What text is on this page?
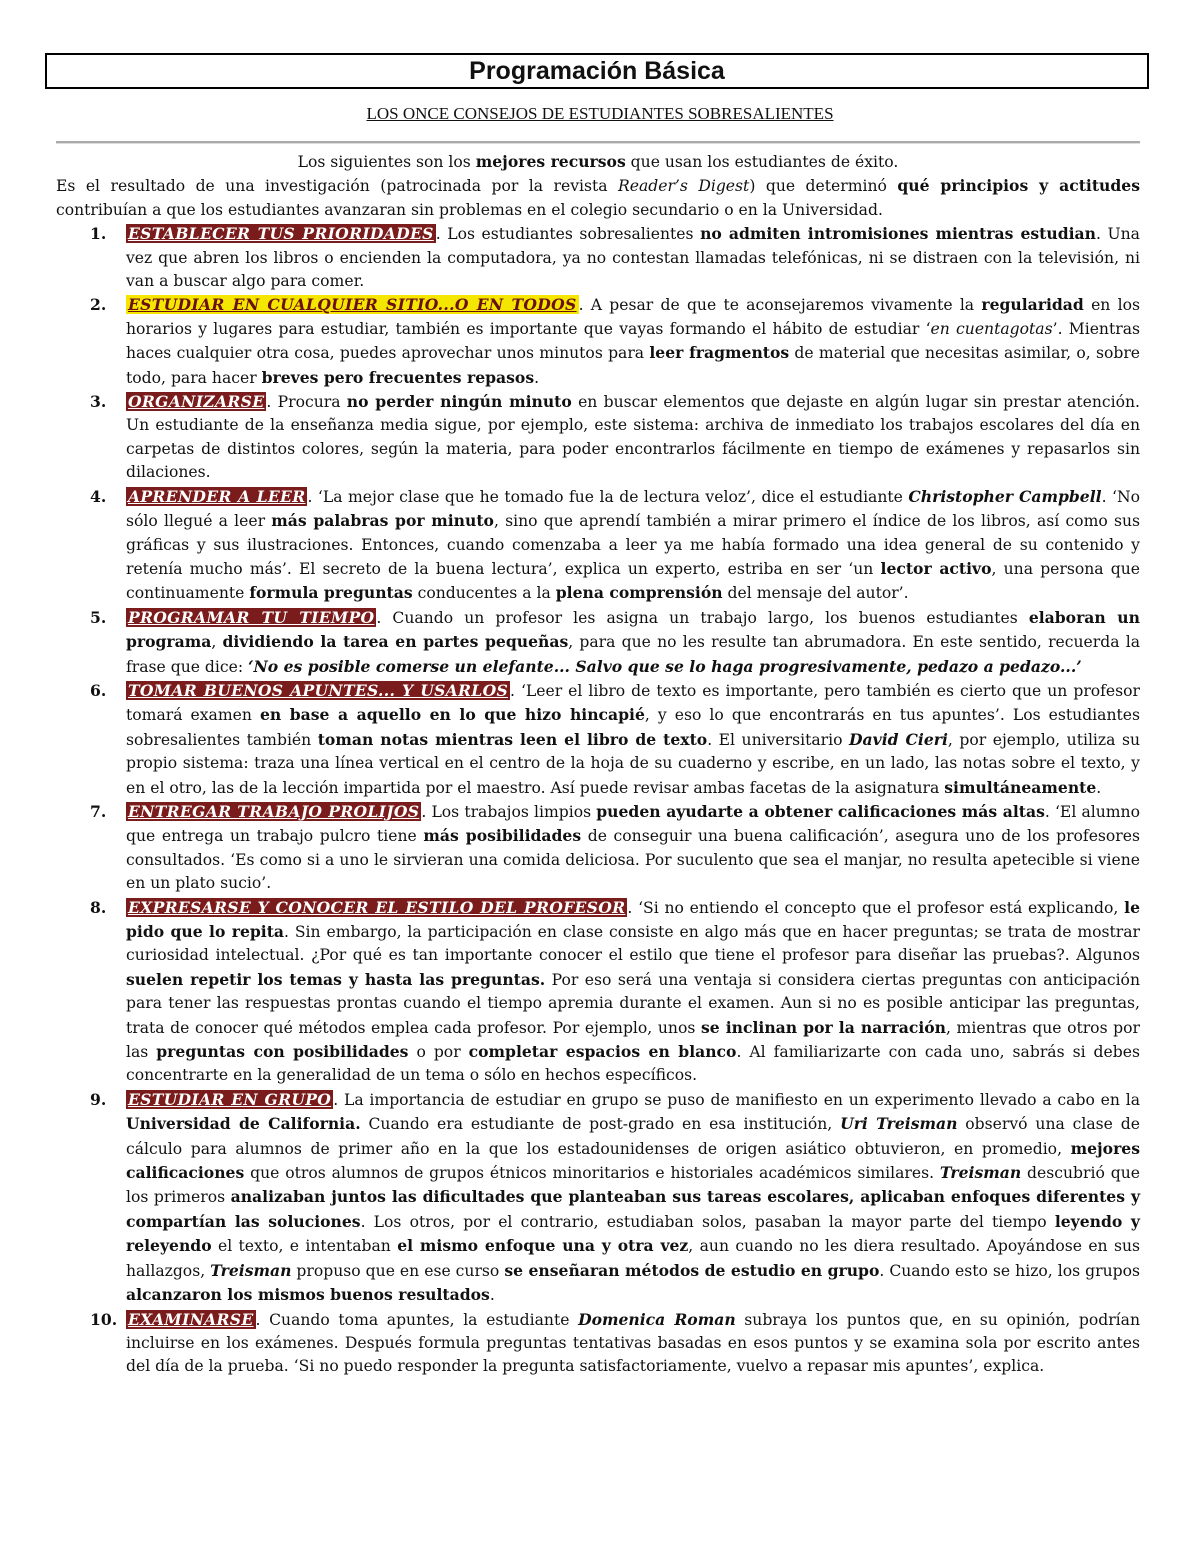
Programación Básica
LOS ONCE CONSEJOS DE ESTUDIANTES SOBRESALIENTES

Los siguientes son los mejores recursos que usan los estudiantes de éxito.

Es el resultado de una investigación (patrocinada por la revista Reader’s Digest) que determinó qué principios y actitudes contribuían a que los estudiantes avanzaran sin problemas en el colegio secundario o en la Universidad.

1. ESTABLECER TUS PRIORIDADES . Los estudiantes sobresalientes no admiten intromisiones mientras estudian. Una vez que abren los libros o encienden la computadora, ya no contestan llamadas telefónicas, ni se distraen con la televisión, ni van a buscar algo para comer.
2. ESTUDIAR EN CUALQUIER SITIO...O EN TODOS . A pesar de que te aconsejaremos vivamente la regularidad en los horarios y lugares para estudiar, también es importante que vayas formando el hábito de estudiar ‘en cuentagotas’. Mientras haces cualquier otra cosa, puedes aprovechar unos minutos para leer fragmentos de material que necesitas asimilar, o, sobre todo, para hacer breves pero frecuentes repasos.
3. ORGANIZARSE . Procura no perder ningún minuto en buscar elementos que dejaste en algún lugar sin prestar atención. Un estudiante de la enseñanza media sigue, por ejemplo, este sistema: archiva de inmediato los trabajos escolares del día en carpetas de distintos colores, según la materia, para poder encontrarlos fácilmente en tiempo de exámenes y repasarlos sin dilaciones.
4. APRENDER A LEER . ‘La mejor clase que he tomado fue la de lectura veloz’, dice el estudiante Christopher Campbell. ‘No sólo llegué a leer más palabras por minuto, sino que aprendí también a mirar primero el índice de los libros, así como sus gráficas y sus ilustraciones. Entonces, cuando comenzaba a leer ya me había formado una idea general de su contenido y retenía mucho más’. El secreto de la buena lectura’, explica un experto, estriba en ser ‘un lector activo, una persona que continuamente formula preguntas conducentes a la plena comprensión del mensaje del autor’.
5. PROGRAMAR TU TIEMPO . Cuando un profesor les asigna un trabajo largo, los buenos estudiantes elaboran un programa, dividiendo la tarea en partes pequeñas, para que no les resulte tan abrumadora. En este sentido, recuerda la frase que dice: ‘No es posible comerse un elefante... Salvo que se lo haga progresivamente, pedazo a pedazo...’
6. TOMAR BUENOS APUNTES... Y USARLOS . ‘Leer el libro de texto es importante, pero también es cierto que un profesor tomará examen en base a aquello en lo que hizo hincapié, y eso lo que encontrarás en tus apuntes’. Los estudiantes sobresalientes también toman notas mientras leen el libro de texto. El universitario David Cieri, por ejemplo, utiliza su propio sistema: traza una línea vertical en el centro de la hoja de su cuaderno y escribe, en un lado, las notas sobre el texto, y en el otro, las de la lección impartida por el maestro. Así puede revisar ambas facetas de la asignatura simultáneamente.
7. ENTREGAR TRABAJO PROLIJOS . Los trabajos limpios pueden ayudarte a obtener calificaciones más altas. ‘El alumno que entrega un trabajo pulcro tiene más posibilidades de conseguir una buena calificación’, asegura uno de los profesores consultados. ‘Es como si a uno le sirvieran una comida deliciosa. Por suculento que sea el manjar, no resulta apetecible si viene en un plato sucio’.
8. EXPRESARSE Y CONOCER EL ESTILO DEL PROFESOR . ‘Si no entiendo el concepto que el profesor está explicando, le pido que lo repita. Sin embargo, la participación en clase consiste en algo más que en hacer preguntas; se trata de mostrar curiosidad intelectual. ¿Por qué es tan importante conocer el estilo que tiene el profesor para diseñar las pruebas?. Algunos suelen repetir los temas y hasta las preguntas. Por eso será una ventaja si considera ciertas preguntas con anticipación para tener las respuestas prontas cuando el tiempo apremia durante el examen. Aun si no es posible anticipar las preguntas, trata de conocer qué métodos emplea cada profesor. Por ejemplo, unos se inclinan por la narración, mientras que otros por las preguntas con posibilidades o por completar espacios en blanco. Al familiarizarte con cada uno, sabrás si debes concentrarte en la generalidad de un tema o sólo en hechos específicos.
9. ESTUDIAR EN GRUPO . La importancia de estudiar en grupo se puso de manifiesto en un experimento llevado a cabo en la Universidad de California. Cuando era estudiante de post-grado en esa institución, Uri Treisman observó una clase de cálculo para alumnos de primer año en la que los estadounidenses de origen asiático obtuvieron, en promedio, mejores calificaciones que otros alumnos de grupos étnicos minoritarios e historiales académicos similares. Treisman descubrió que los primeros analizaban juntos las dificultades que planteaban sus tareas escolares, aplicaban enfoques diferentes y compartían las soluciones. Los otros, por el contrario, estudiaban solos, pasaban la mayor parte del tiempo leyendo y releyendo el texto, e intentaban el mismo enfoque una y otra vez, aun cuando no les diera resultado. Apoyándose en sus hallazgos, Treisman propuso que en ese curso se enseñaran métodos de estudio en grupo. Cuando esto se hizo, los grupos alcanzaron los mismos buenos resultados.
10. EXAMINARSE . Cuando toma apuntes, la estudiante Domenica Roman subraya los puntos que, en su opinión, podrían incluirse en los exámenes. Después formula preguntas tentativas basadas en esos puntos y se examina sola por escrito antes del día de la prueba. ‘Si no puedo responder la pregunta satisfactoriamente, vuelvo a repasar mis apuntes’, explica.
